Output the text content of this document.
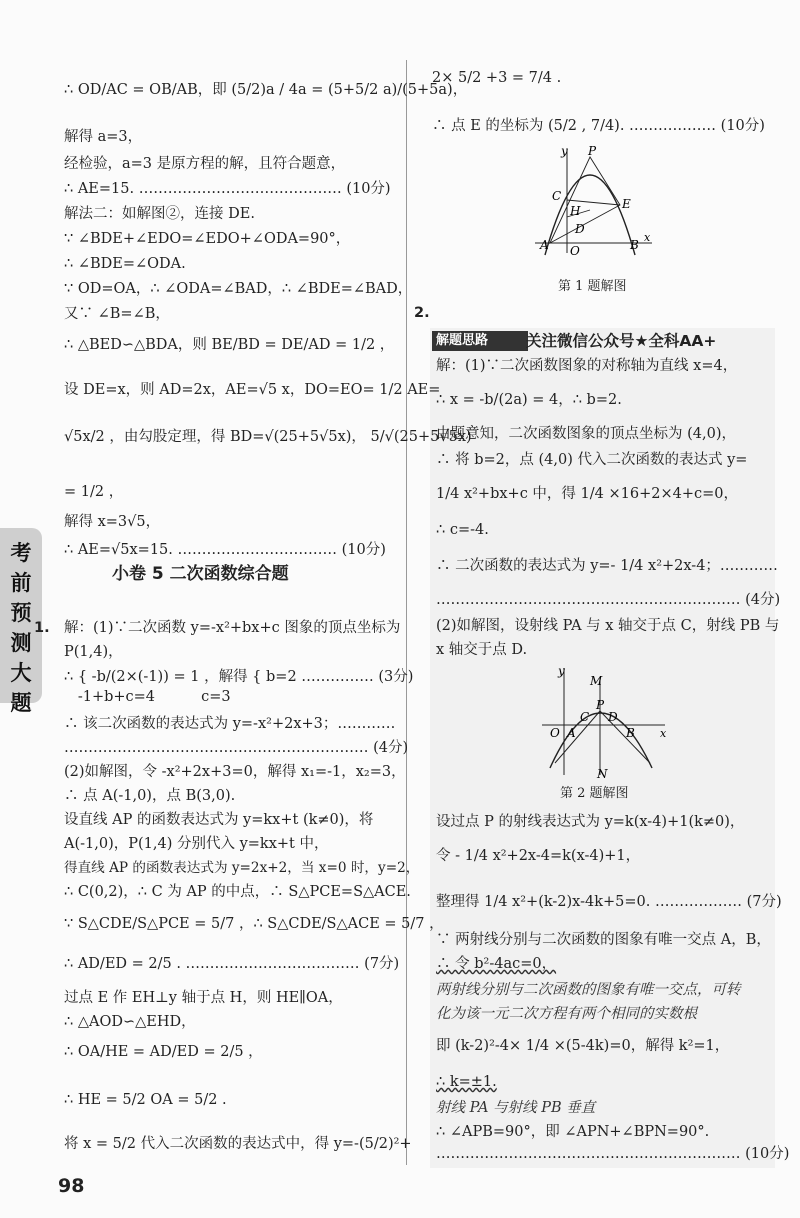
考前预测大题
∴ OD/AC = OB/AB，即 (5/2)a / 4a = (5+5/2 a)/(5+5a)，
解得 a=3，
经检验，a=3 是原方程的解，且符合题意，
∴ AE=15. …………………………………… (10分)
解法二：如解图②，连接 DE.
∵ ∠BDE+∠EDO=∠EDO+∠ODA=90°，
∴ ∠BDE=∠ODA.
∵ OD=OA，∴ ∠ODA=∠BAD，∴ ∠BDE=∠BAD，
又∵ ∠B=∠B，
∴ △BED∽△BDA，则 BE/BD = DE/AD = 1/2 ，
设 DE=x，则 AD=2x，AE=√5 x，DO=EO= 1/2 AE=
√5x/2 ，由勾股定理，得 BD=√(25+5√5x)， 5/√(25+5√5x)
= 1/2 ，
解得 x=3√5，
∴ AE=√5x=15. …………………………… (10分)
小卷 5 二次函数综合题
1. 解：(1)∵二次函数 y=-x²+bx+c 图象的顶点坐标为
P(1,4)，
∴ { -b/(2×(-1)) = 1 ，解得 { b=2 …………… (3分)
-1+b+c=4          c=3
∴ 该二次函数的表达式为 y=-x²+2x+3；…………
……………………………………………………… (4分)
(2)如解图，令 -x²+2x+3=0，解得 x₁=-1，x₂=3，
∴ 点 A(-1,0)，点 B(3,0).
设直线 AP 的函数表达式为 y=kx+t (k≠0)，将
A(-1,0)，P(1,4) 分别代入 y=kx+t 中，
得直线 AP 的函数表达式为 y=2x+2，当 x=0 时，y=2，
∴ C(0,2)，∴ C 为 AP 的中点，∴ S△PCE=S△ACE.
∵ S△CDE/S△PCE = 5/7 ，∴ S△CDE/S△ACE = 5/7 ，
∴ AD/ED = 2/5 . ……………………………… (7分)
过点 E 作 EH⊥y 轴于点 H，则 HE∥OA，
∴ △AOD∽△EHD，
∴ OA/HE = AD/ED = 2/5 ，
∴ HE = 5/2 OA = 5/2 .
将 x = 5/2 代入二次函数的表达式中，得 y=-(5/2)²+
2× 5/2 +3 = 7/4 .
∴ 点 E 的坐标为 (5/2 , 7/4). ……………… (10分)
y P
C
E
H
D
A O	B
x
第 1 题解图
2.
解题思路	关注微信公众号★全科AA+
解：(1)∵二次函数图象的对称轴为直线 x=4，
∴ x = -b/(2a) = 4，∴ b=2.
由题意知，二次函数图象的顶点坐标为 (4,0)，
∴ 将 b=2，点 (4,0) 代入二次函数的表达式 y=
1/4 x²+bx+c 中，得 1/4 ×16+2×4+c=0，
∴ c=-4.
∴ 二次函数的表达式为 y=- 1/4 x²+2x-4；…………
……………………………………………………… (4分)
(2)如解图，设射线 PA 与 x 轴交于点 C，射线 PB 与
x 轴交于点 D.
y
M
C
P
D
O A	B x
N
第 2 题解图
设过点 P 的射线表达式为 y=k(x-4)+1(k≠0)，
令 - 1/4 x²+2x-4=k(x-4)+1，
整理得 1/4 x²+(k-2)x-4k+5=0. ……………… (7分)
∵ 两射线分别与二次函数的图象有唯一交点 A，B，
∴ 令 b²-4ac=0，
两射线分别与二次函数的图象有唯一交点，可转
化为该一元二次方程有两个相同的实数根
即 (k-2)²-4× 1/4 ×(5-4k)=0，解得 k²=1，
∴ k=±1.
射线 PA 与射线 PB 垂直
∴ ∠APB=90°，即 ∠APN+∠BPN=90°.
……………………………………………………… (10分)
98
